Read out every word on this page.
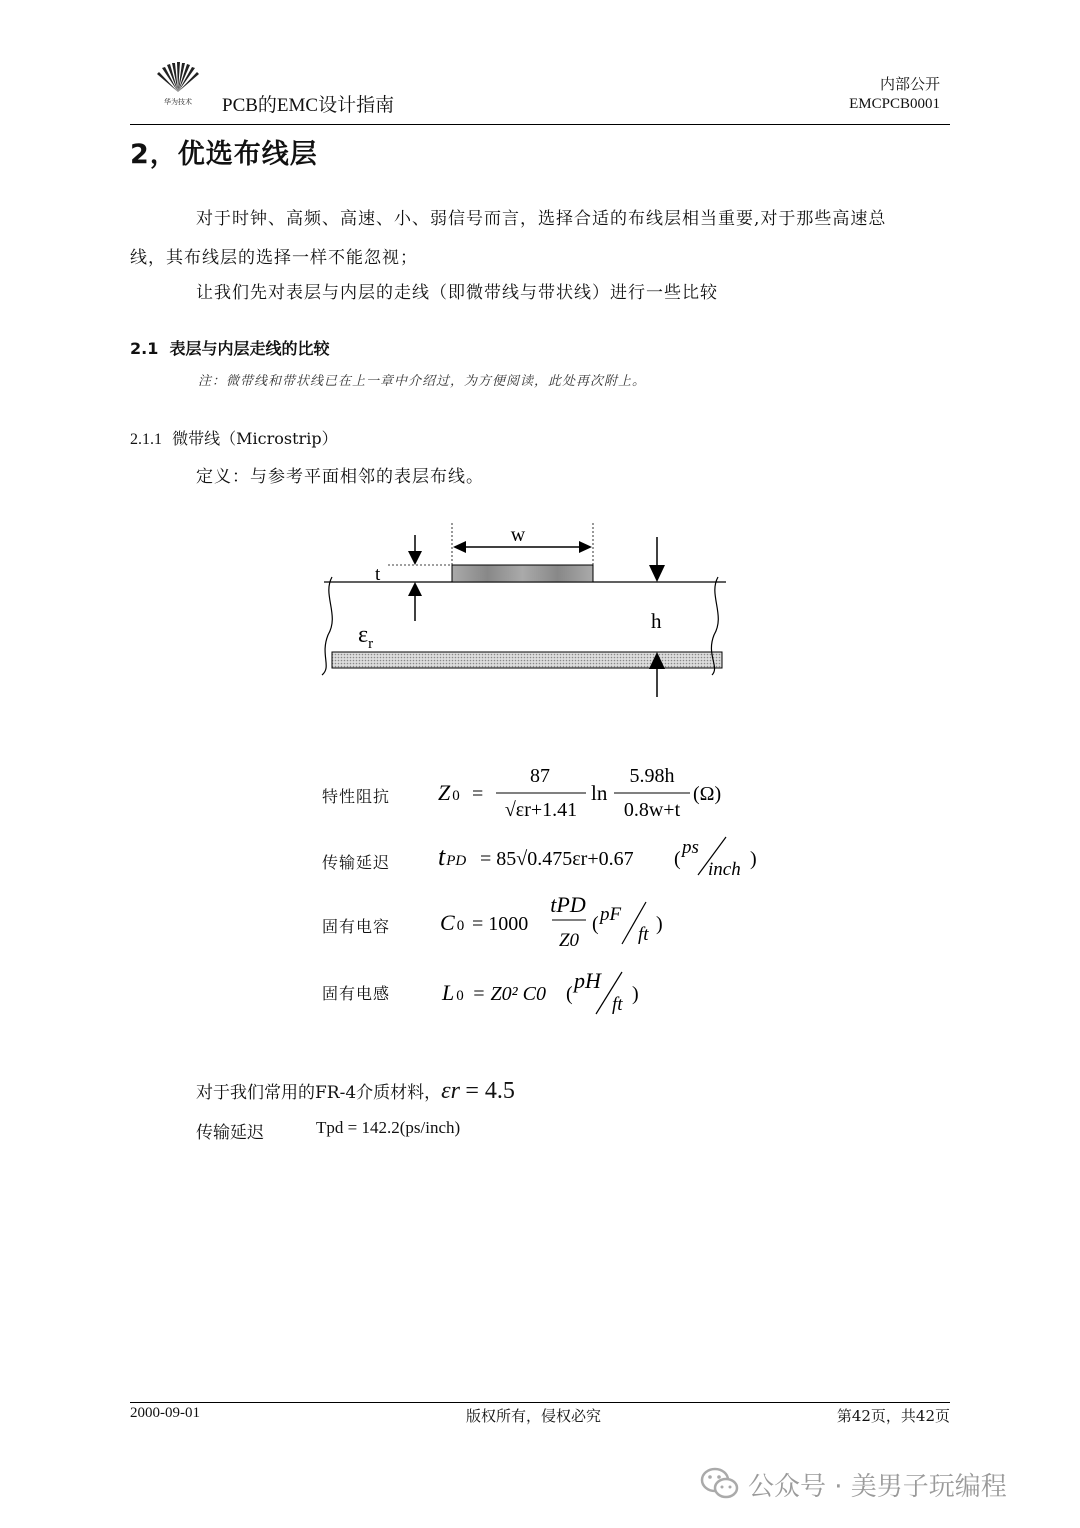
华为技术 PCB的EMC设计指南
内部公开
EMCPCB0001
2，优选布线层
对于时钟、高频、高速、小、弱信号而言，选择合适的布线层相当重要,对于那些高速总
线，其布线层的选择一样不能忽视；
让我们先对表层与内层的走线（即微带线与带状线）进行一些比较
2.1 表层与内层走线的比较
注：微带线和带状线已在上一章中介绍过，为方便阅读，此处再次附上。
2.1.1 微带线（Microstrip）
定义：与参考平面相邻的表层布线。
w
t
h
$\varepsilon_r$
特性阻抗
传输延迟
固有电容
固有电感
Z 0 =
87
√εr+1.41
ln
5.98h
0.8w+t
(Ω)
tPD = 85√0.475εr+0.67 (
ps
inch )
C 0 = 1000
tPD
Z0
( pF
ft )
L 0 = Z0² C0 (
pH
ft )
对于我们常用的FR-4介质材料，εr = 4.5
传输延迟	Tpd = 142.2(ps/inch)
2000-09-01	版权所有，侵权必究	第42页，共42页
公众号 · 美男子玩编程
